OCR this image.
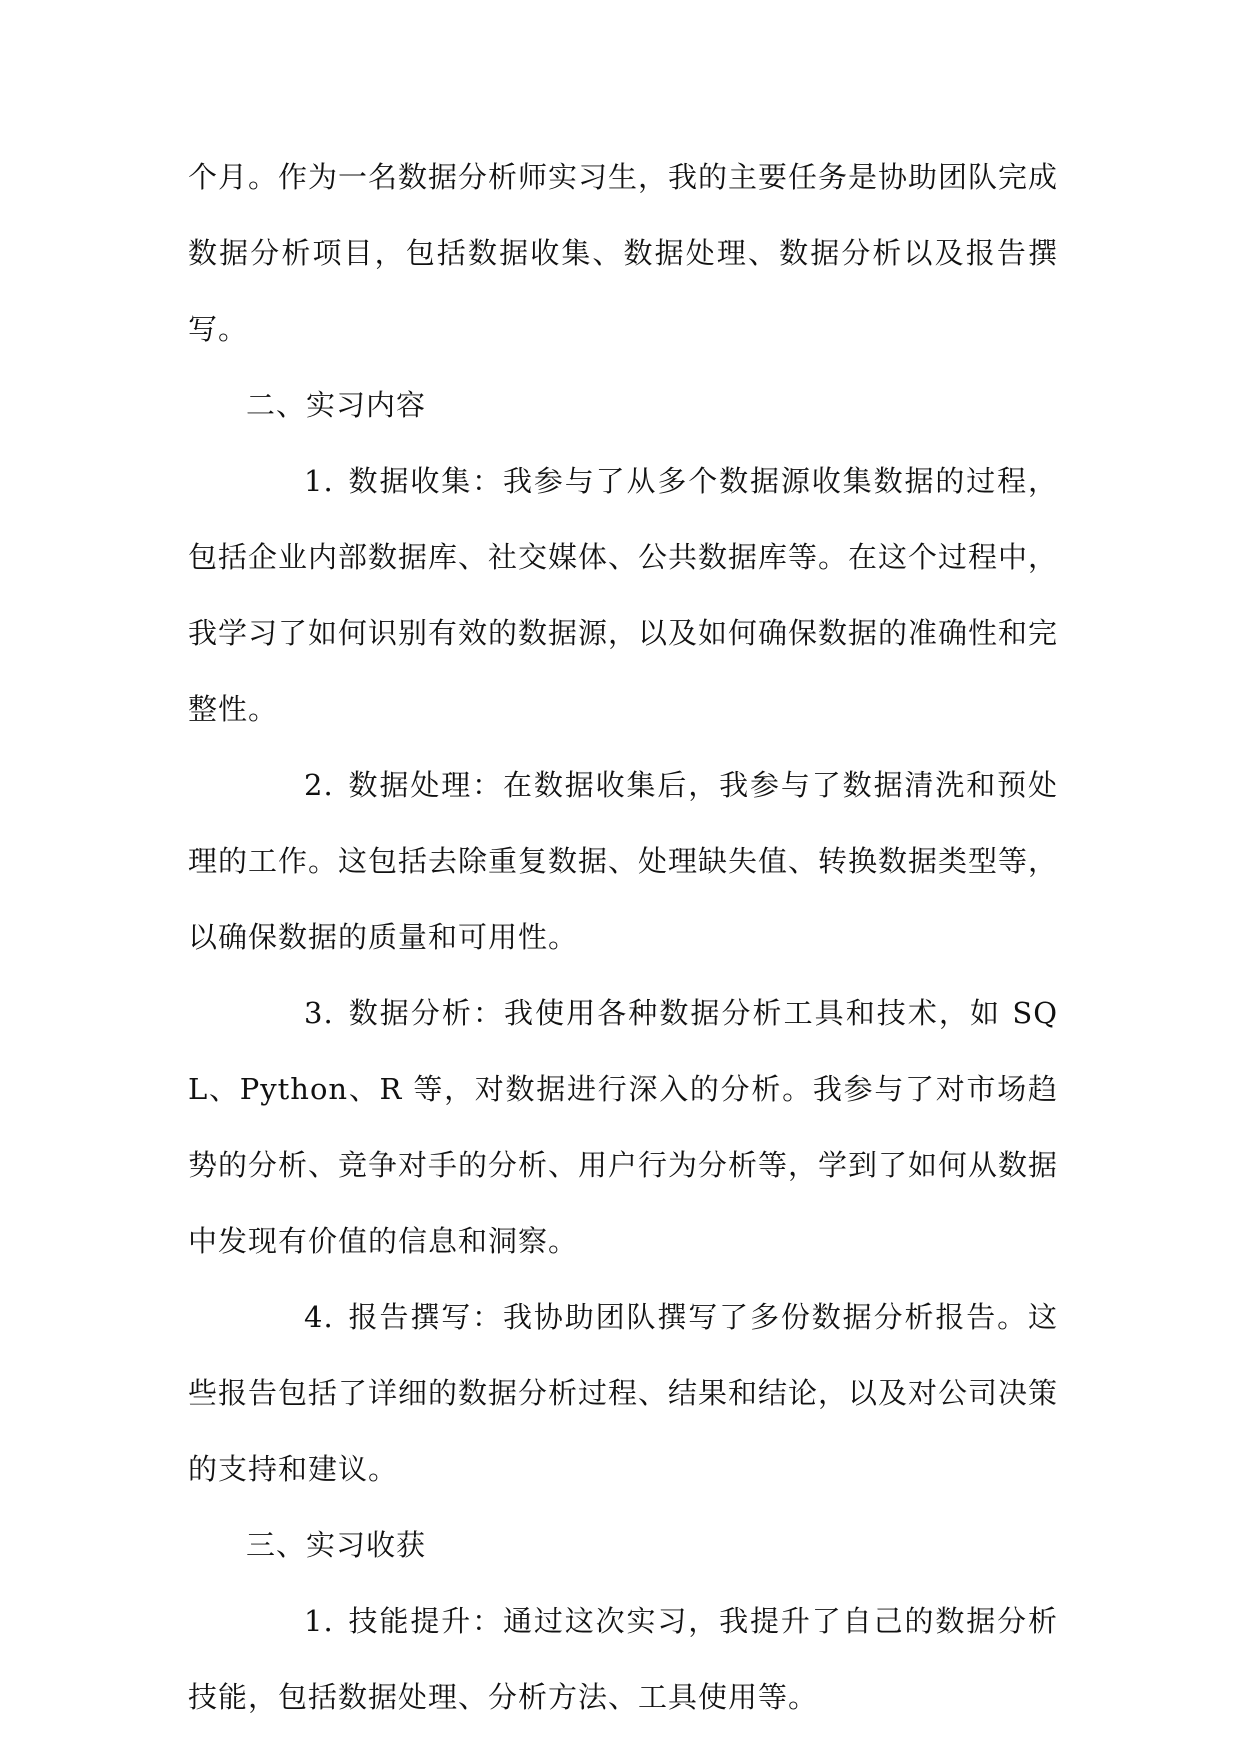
个月。作为一名数据分析师实习生，我的主要任务是协助团队完成数据分析项目，包括数据收集、数据处理、数据分析以及报告撰写。

二、实习内容

1. 数据收集：我参与了从多个数据源收集数据的过程，包括企业内部数据库、社交媒体、公共数据库等。在这个过程中，我学习了如何识别有效的数据源，以及如何确保数据的准确性和完整性。

2. 数据处理：在数据收集后，我参与了数据清洗和预处理的工作。这包括去除重复数据、处理缺失值、转换数据类型等，以确保数据的质量和可用性。

3. 数据分析：我使用各种数据分析工具和技术，如 SQL、Python、R 等，对数据进行深入的分析。我参与了对市场趋势的分析、竞争对手的分析、用户行为分析等，学到了如何从数据中发现有价值的信息和洞察。

4. 报告撰写：我协助团队撰写了多份数据分析报告。这些报告包括了详细的数据分析过程、结果和结论，以及对公司决策的支持和建议。

三、实习收获

1. 技能提升：通过这次实习，我提升了自己的数据分析技能，包括数据处理、分析方法、工具使用等。
